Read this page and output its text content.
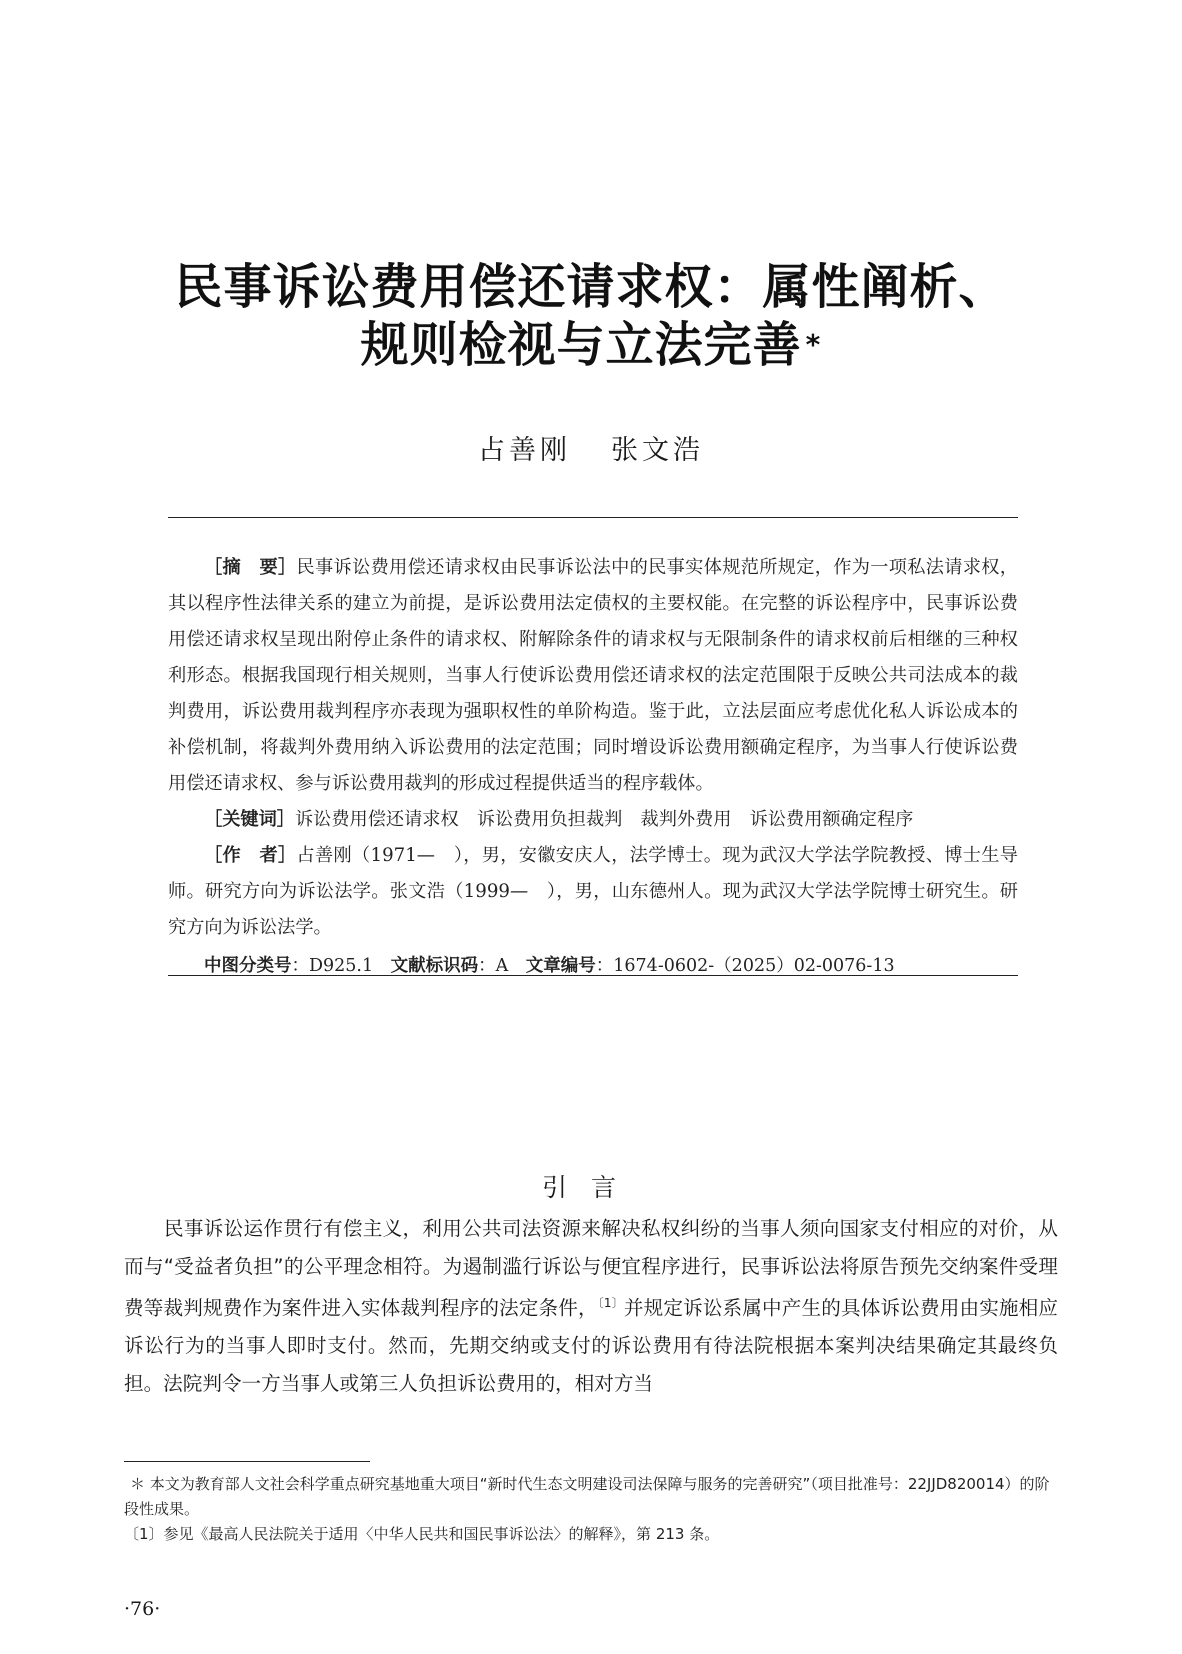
民事诉讼费用偿还请求权：属性阐析、
规则检视与立法完善 *
占善刚 张文浩

［摘　要］民事诉讼费用偿还请求权由民事诉讼法中的民事实体规范所规定，作为一项私法请求权，其以程序性法律关系的建立为前提，是诉讼费用法定债权的主要权能。在完整的诉讼程序中，民事诉讼费用偿还请求权呈现出附停止条件的请求权、附解除条件的请求权与无限制条件的请求权前后相继的三种权利形态。根据我国现行相关规则，当事人行使诉讼费用偿还请求权的法定范围限于反映公共司法成本的裁判费用，诉讼费用裁判程序亦表现为强职权性的单阶构造。鉴于此，立法层面应考虑优化私人诉讼成本的补偿机制，将裁判外费用纳入诉讼费用的法定范围；同时增设诉讼费用额确定程序，为当事人行使诉讼费用偿还请求权、参与诉讼费用裁判的形成过程提供适当的程序载体。

［关键词］诉讼费用偿还请求权　诉讼费用负担裁判　裁判外费用　诉讼费用额确定程序

［作　者］占善刚（1971—　），男，安徽安庆人，法学博士。现为武汉大学法学院教授、博士生导师。研究方向为诉讼法学。张文浩（1999—　），男，山东德州人。现为武汉大学法学院博士研究生。研究方向为诉讼法学。

中图分类号：D925.1　 文献标识码：A　 文章编号：1674-0602-（2025）02-0076-13

引言

民事诉讼运作贯行有偿主义，利用公共司法资源来解决私权纠纷的当事人须向国家支付相应的对价，从而与“受益者负担”的公平理念相符。为遏制滥行诉讼与便宜程序进行，民事诉讼法将原告预先交纳案件受理费等裁判规费作为案件进入实体裁判程序的法定条件，$^{〔1〕}$并规定诉讼系属中产生的具体诉讼费用由实施相应诉讼行为的当事人即时支付。然而，先期交纳或支付的诉讼费用有待法院根据本案判决结果确定其最终负担。法院判令一方当事人或第三人负担诉讼费用的，相对方当

＊ 本文为教育部人文社会科学重点研究基地重大项目“新时代生态文明建设司法保障与服务的完善研究”（项目批准号：22JJD820014）的阶段性成果。

〔1〕参见《最高人民法院关于适用〈中华人民共和国民事诉讼法〉的解释》，第 213 条。

·76·
